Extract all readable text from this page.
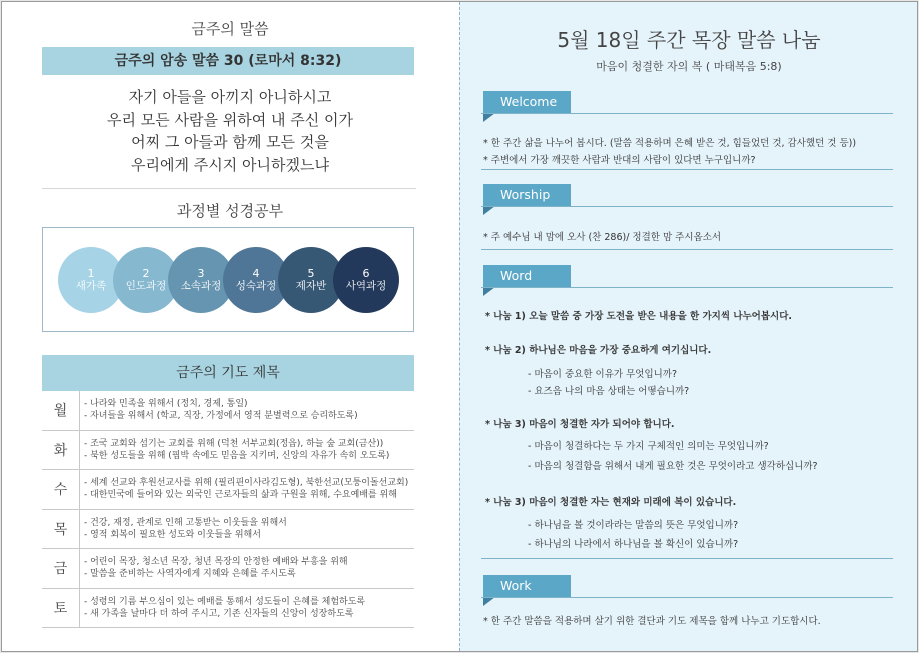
금주의 말씀
금주의 암송 말씀 30 (로마서 8:32)
자기 아들을 아끼지 아니하시고
우리 모든 사람을 위하여 내 주신 이가
어찌 그 아들과 함께 모든 것을
우리에게 주시지 아니하겠느냐
과정별 성경공부
1
새가족
2
인도과정
3
소속과정
4
성숙과정
5
제자반
6
사역과정
금주의 기도 제목
월	- 나라와 민족을 위해서 (정치, 경제, 통일)
- 자녀들을 위해서 (학교, 직장, 가정에서 영적 분별력으로 승리하도록)
화	- 조국 교회와 섬기는 교회를 위해 (덕천 서부교회(정읍), 하늘 숲 교회(금산))
- 북한 성도들을 위해 (핍박 속에도 믿음을 지키며, 신앙의 자유가 속히 오도록)
수	- 세계 선교와 후원선교사를 위해 (필리핀이사라김도형), 북한선교(모퉁이돌선교회)
- 대한민국에 들어와 있는 외국인 근로자들의 삶과 구원을 위해, 수요예배를 위해
목	- 건강, 재정, 관계로 인해 고통받는 이웃들을 위해서
- 영적 회복이 필요한 성도와 이웃들을 위해서
금	- 어린이 목장, 청소년 목장, 청년 목장의 안정한 예배와 부흥을 위해
- 말씀을 준비하는 사역자에게 지혜와 은혜를 주시도록
토	- 성령의 기름 부으심이 있는 예배를 통해서 성도들이 은혜를 체험하도록
- 새 가족을 날마다 더 하여 주시고, 기존 신자들의 신앙이 성장하도록
5월 18일 주간 목장 말씀 나눔
마음이 청결한 자의 복 ( 마태복음 5:8)
Welcome
* 한 주간 삶을 나누어 봅시다. (말씀 적용하며 은혜 받은 것, 힘들었던 것, 감사했던 것 등))
* 주변에서 가장 깨끗한 사람과 반대의 사람이 있다면 누구입니까?
Worship
* 주 예수님 내 맘에 오사 (찬 286)/ 정결한 맘 주시옵소서
Word
* 나눔 1) 오늘 말씀 중 가장 도전을 받은 내용을 한 가지씩 나누어봅시다.
* 나눔 2) 하나님은 마음을 가장 중요하게 여기십니다.
- 마음이 중요한 이유가 무엇입니까?
- 요즈음 나의 마음 상태는 어떻습니까?
* 나눔 3) 마음이 청결한 자가 되어야 합니다.
- 마음이 청결하다는 두 가지 구체적인 의미는 무엇입니까?
- 마음의 청결함을 위해서 내게 필요한 것은 무엇이라고 생각하십니까?
* 나눔 3) 마음이 청결한 자는 현재와 미래에 복이 있습니다.
- 하나님을 볼 것이라라는 말씀의 뜻은 무엇입니까?
- 하나님의 나라에서 하나님을 볼 확신이 있습니까?
Work
* 한 주간 말씀을 적용하며 살기 위한 결단과 기도 제목을 함께 나누고 기도합시다.
